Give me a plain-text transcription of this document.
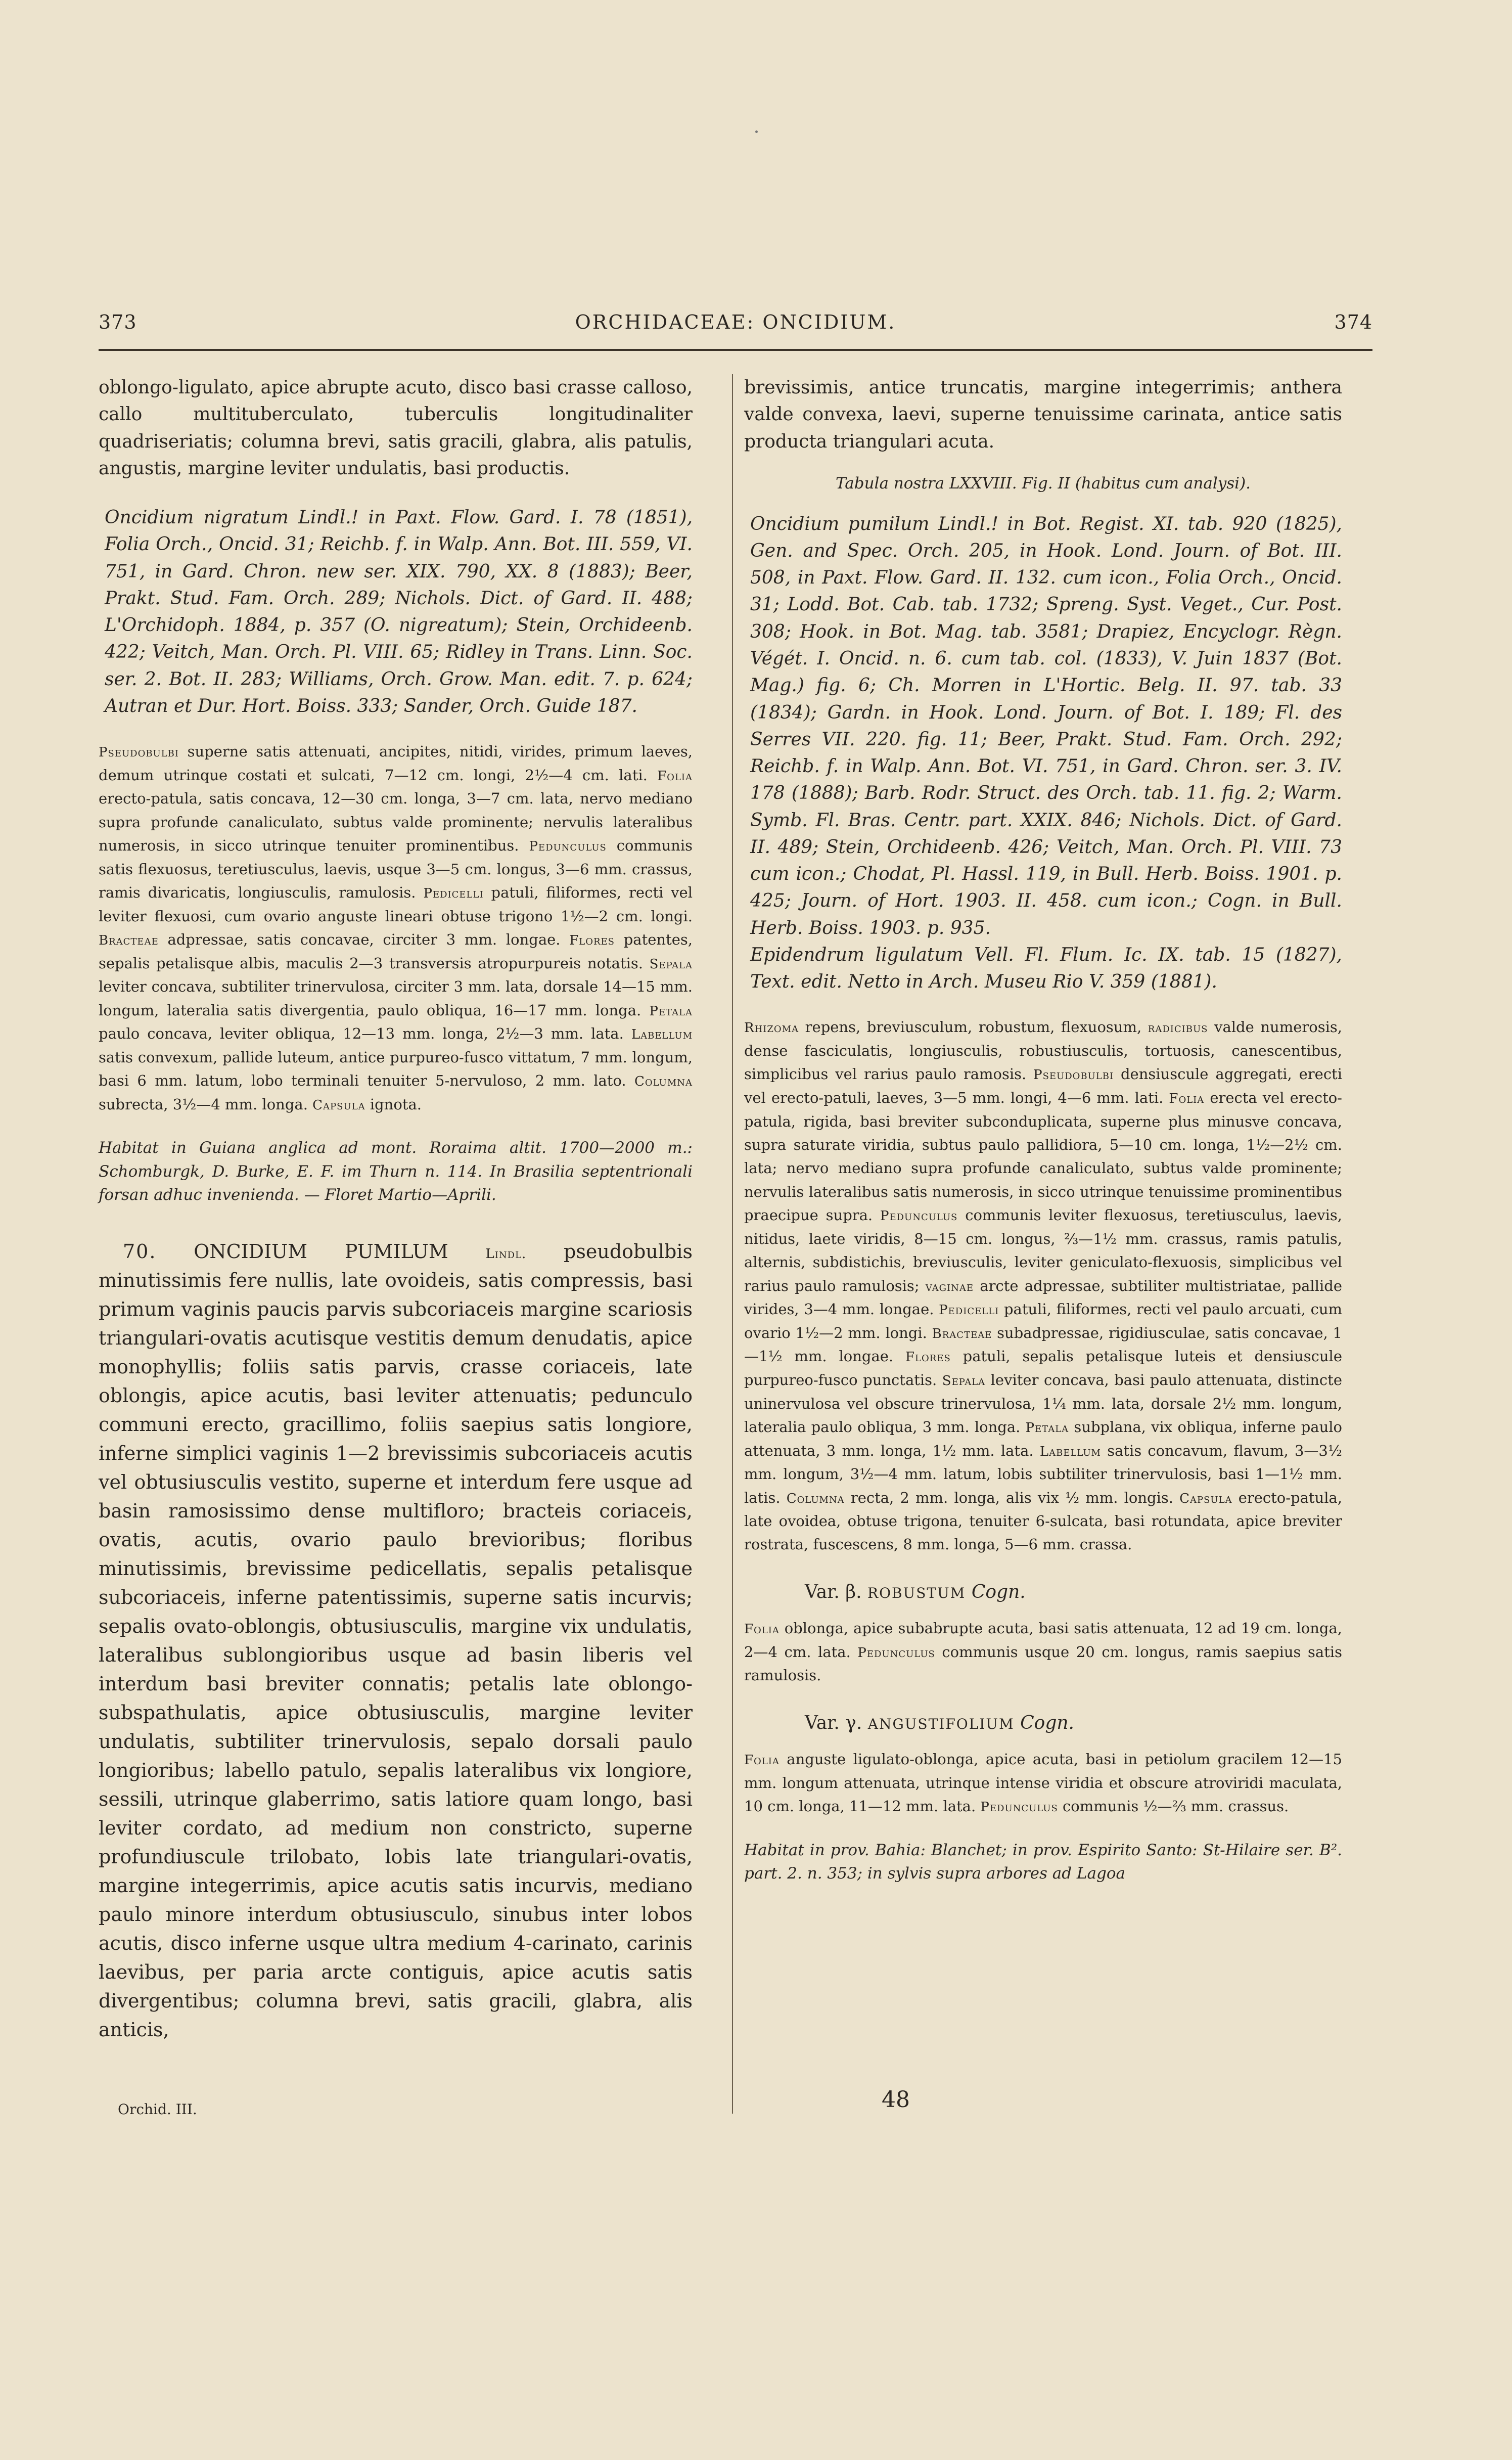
373	ORCHIDACEAE: ONCIDIUM.	374

oblongo-ligulato, apice abrupte acuto, disco basi crasse calloso, callo multituberculato, tuberculis longitudinaliter quadriseriatis; columna brevi, satis gracili, glabra, alis patulis, angustis, margine leviter undulatis, basi productis.

Oncidium nigratum Lindl.! in Paxt. Flow. Gard. I. 78 (1851), Folia Orch., Oncid. 31; Reichb. f. in Walp. Ann. Bot. III. 559, VI. 751, in Gard. Chron. new ser. XIX. 790, XX. 8 (1883); Beer, Prakt. Stud. Fam. Orch. 289; Nichols. Dict. of Gard. II. 488; L'Orchidoph. 1884, p. 357 (O. nigreatum); Stein, Orchideenb. 422; Veitch, Man. Orch. Pl. VIII. 65; Ridley in Trans. Linn. Soc. ser. 2. Bot. II. 283; Williams, Orch. Grow. Man. edit. 7. p. 624; Autran et Dur. Hort. Boiss. 333; Sander, Orch. Guide 187.

Pseudobulbi superne satis attenuati, ancipites, nitidi, virides, primum laeves, demum utrinque costati et sulcati, 7—12 cm. longi, 2½—4 cm. lati. Folia erecto-patula, satis concava, 12—30 cm. longa, 3—7 cm. lata, nervo mediano supra profunde canaliculato, subtus valde prominente; nervulis lateralibus numerosis, in sicco utrinque tenuiter prominentibus. Pedunculus communis satis flexuosus, teretiusculus, laevis, usque 3—5 cm. longus, 3—6 mm. crassus, ramis divaricatis, longiusculis, ramulosis. Pedicelli patuli, filiformes, recti vel leviter flexuosi, cum ovario anguste lineari obtuse trigono 1½—2 cm. longi. Bracteae adpressae, satis concavae, circiter 3 mm. longae. Flores patentes, sepalis petalisque albis, maculis 2—3 transversis atropurpureis notatis. Sepala leviter concava, subtiliter trinervulosa, circiter 3 mm. lata, dorsale 14—15 mm. longum, lateralia satis divergentia, paulo obliqua, 16—17 mm. longa. Petala paulo concava, leviter obliqua, 12—13 mm. longa, 2½—3 mm. lata. Labellum satis convexum, pallide luteum, antice purpureo-fusco vittatum, 7 mm. longum, basi 6 mm. latum, lobo terminali tenuiter 5-nervuloso, 2 mm. lato. Columna subrecta, 3½—4 mm. longa. Capsula ignota.

Habitat in Guiana anglica ad mont. Roraima altit. 1700—2000 m.: Schomburgk, D. Burke, E. F. im Thurn n. 114. In Brasilia septentrionali forsan adhuc invenienda. — Floret Martio—Aprili.

70. ONCIDIUM PUMILUM	Lindl. pseudobulbis minutissimis fere nullis, late ovoideis, satis compressis, basi primum vaginis paucis parvis subcoriaceis margine scariosis triangulari-ovatis acutisque vestitis demum denudatis, apice monophyllis; foliis satis parvis, crasse coriaceis, late oblongis, apice acutis, basi leviter attenuatis; pedunculo communi erecto, gracillimo, foliis saepius satis longiore, inferne simplici vaginis 1—2 brevissimis subcoriaceis acutis vel obtusiusculis vestito, superne et interdum fere usque ad basin ramosissimo dense multifloro; bracteis coriaceis, ovatis, acutis, ovario paulo brevioribus; floribus minutissimis, brevissime pedicellatis, sepalis petalisque subcoriaceis, inferne patentissimis, superne satis incurvis; sepalis ovato-oblongis, obtusiusculis, margine vix undulatis, lateralibus sublongioribus usque ad basin liberis vel interdum basi breviter connatis; petalis late oblongo-subspathulatis, apice obtusiusculis, margine leviter undulatis, subtiliter trinervulosis, sepalo dorsali paulo longioribus; labello patulo, sepalis lateralibus vix longiore, sessili, utrinque glaberrimo, satis latiore quam longo, basi leviter cordato, ad medium non constricto, superne profundiuscule trilobato, lobis late triangulari-ovatis, margine integerrimis, apice acutis satis incurvis, mediano paulo minore interdum obtusiusculo, sinubus inter lobos acutis, disco inferne usque ultra medium 4-carinato, carinis laevibus, per paria arcte contiguis, apice acutis satis divergentibus; columna brevi, satis gracili, glabra, alis anticis,

Orchid. III.

brevissimis, antice truncatis, margine integerrimis; anthera valde convexa, laevi, superne tenuissime carinata, antice satis producta triangulari acuta.

Tabula nostra LXXVIII. Fig. II (habitus cum analysi).

Oncidium pumilum Lindl.! in Bot. Regist. XI. tab. 920 (1825), Gen. and Spec. Orch. 205, in Hook. Lond. Journ. of Bot. III. 508, in Paxt. Flow. Gard. II. 132. cum icon., Folia Orch., Oncid. 31; Lodd. Bot. Cab. tab. 1732; Spreng. Syst. Veget., Cur. Post. 308; Hook. in Bot. Mag. tab. 3581; Drapiez, Encyclogr. Règn. Végét. I. Oncid. n. 6. cum tab. col. (1833), V. Juin 1837 (Bot. Mag.) fig. 6; Ch. Morren in L'Hortic. Belg. II. 97. tab. 33 (1834); Gardn. in Hook. Lond. Journ. of Bot. I. 189; Fl. des Serres VII. 220. fig. 11; Beer, Prakt. Stud. Fam. Orch. 292; Reichb. f. in Walp. Ann. Bot. VI. 751, in Gard. Chron. ser. 3. IV. 178 (1888); Barb. Rodr. Struct. des Orch. tab. 11. fig. 2; Warm. Symb. Fl. Bras. Centr. part. XXIX. 846; Nichols. Dict. of Gard. II. 489; Stein, Orchideenb. 426; Veitch, Man. Orch. Pl. VIII. 73 cum icon.; Chodat, Pl. Hassl. 119, in Bull. Herb. Boiss. 1901. p. 425; Journ. of Hort. 1903. II. 458. cum icon.; Cogn. in Bull. Herb. Boiss. 1903. p. 935.

Epidendrum ligulatum Vell. Fl. Flum. Ic. IX. tab. 15 (1827), Text. edit. Netto in Arch. Museu Rio V. 359 (1881).

Rhizoma repens, breviusculum, robustum, flexuosum, radicibus valde numerosis, dense fasciculatis, longiusculis, robustiusculis, tortuosis, canescentibus, simplicibus vel rarius paulo ramosis. Pseudobulbi densiuscule aggregati, erecti vel erecto-patuli, laeves, 3—5 mm. longi, 4—6 mm. lati. Folia erecta vel erecto-patula, rigida, basi breviter subconduplicata, superne plus minusve concava, supra saturate viridia, subtus paulo pallidiora, 5—10 cm. longa, 1½—2½ cm. lata; nervo mediano supra profunde canaliculato, subtus valde prominente; nervulis lateralibus satis numerosis, in sicco utrinque tenuissime prominentibus praecipue supra. Pedunculus communis leviter flexuosus, teretiusculus, laevis, nitidus, laete viridis, 8—15 cm. longus, ⅔—1½ mm. crassus, ramis patulis, alternis, subdistichis, breviusculis, leviter geniculato-flexuosis, simplicibus vel rarius paulo ramulosis; vaginae arcte adpressae, subtiliter multistriatae, pallide virides, 3—4 mm. longae. Pedicelli patuli, filiformes, recti vel paulo arcuati, cum ovario 1½—2 mm. longi. Bracteae subadpressae, rigidiusculae, satis concavae, 1—1½ mm. longae. Flores patuli, sepalis petalisque luteis et densiuscule purpureo-fusco punctatis. Sepala leviter concava, basi paulo attenuata, distincte uninervulosa vel obscure trinervulosa, 1¼ mm. lata, dorsale 2½ mm. longum, lateralia paulo obliqua, 3 mm. longa. Petala subplana, vix obliqua, inferne paulo attenuata, 3 mm. longa, 1½ mm. lata. Labellum satis concavum, flavum, 3—3½ mm. longum, 3½—4 mm. latum, lobis subtiliter trinervulosis, basi 1—1½ mm. latis. Columna recta, 2 mm. longa, alis vix ½ mm. longis. Capsula erecto-patula, late ovoidea, obtuse trigona, tenuiter 6-sulcata, basi rotundata, apice breviter rostrata, fuscescens, 8 mm. longa, 5—6 mm. crassa.

Var. β. ROBUSTUM Cogn.

Folia oblonga, apice subabrupte acuta, basi satis attenuata, 12 ad 19 cm. longa, 2—4 cm. lata. Pedunculus communis usque 20 cm. longus, ramis saepius satis ramulosis.

Var. γ. ANGUSTIFOLIUM Cogn.

Folia anguste ligulato-oblonga, apice acuta, basi in petiolum gracilem 12—15 mm. longum attenuata, utrinque intense viridia et obscure atroviridi maculata, 10 cm. longa, 11—12 mm. lata. Pedunculus communis ½—⅔ mm. crassus.

Habitat in prov. Bahia: Blanchet; in prov. Espirito Santo: St-Hilaire ser. B². part. 2. n. 353; in sylvis supra arbores ad Lagoa

48
